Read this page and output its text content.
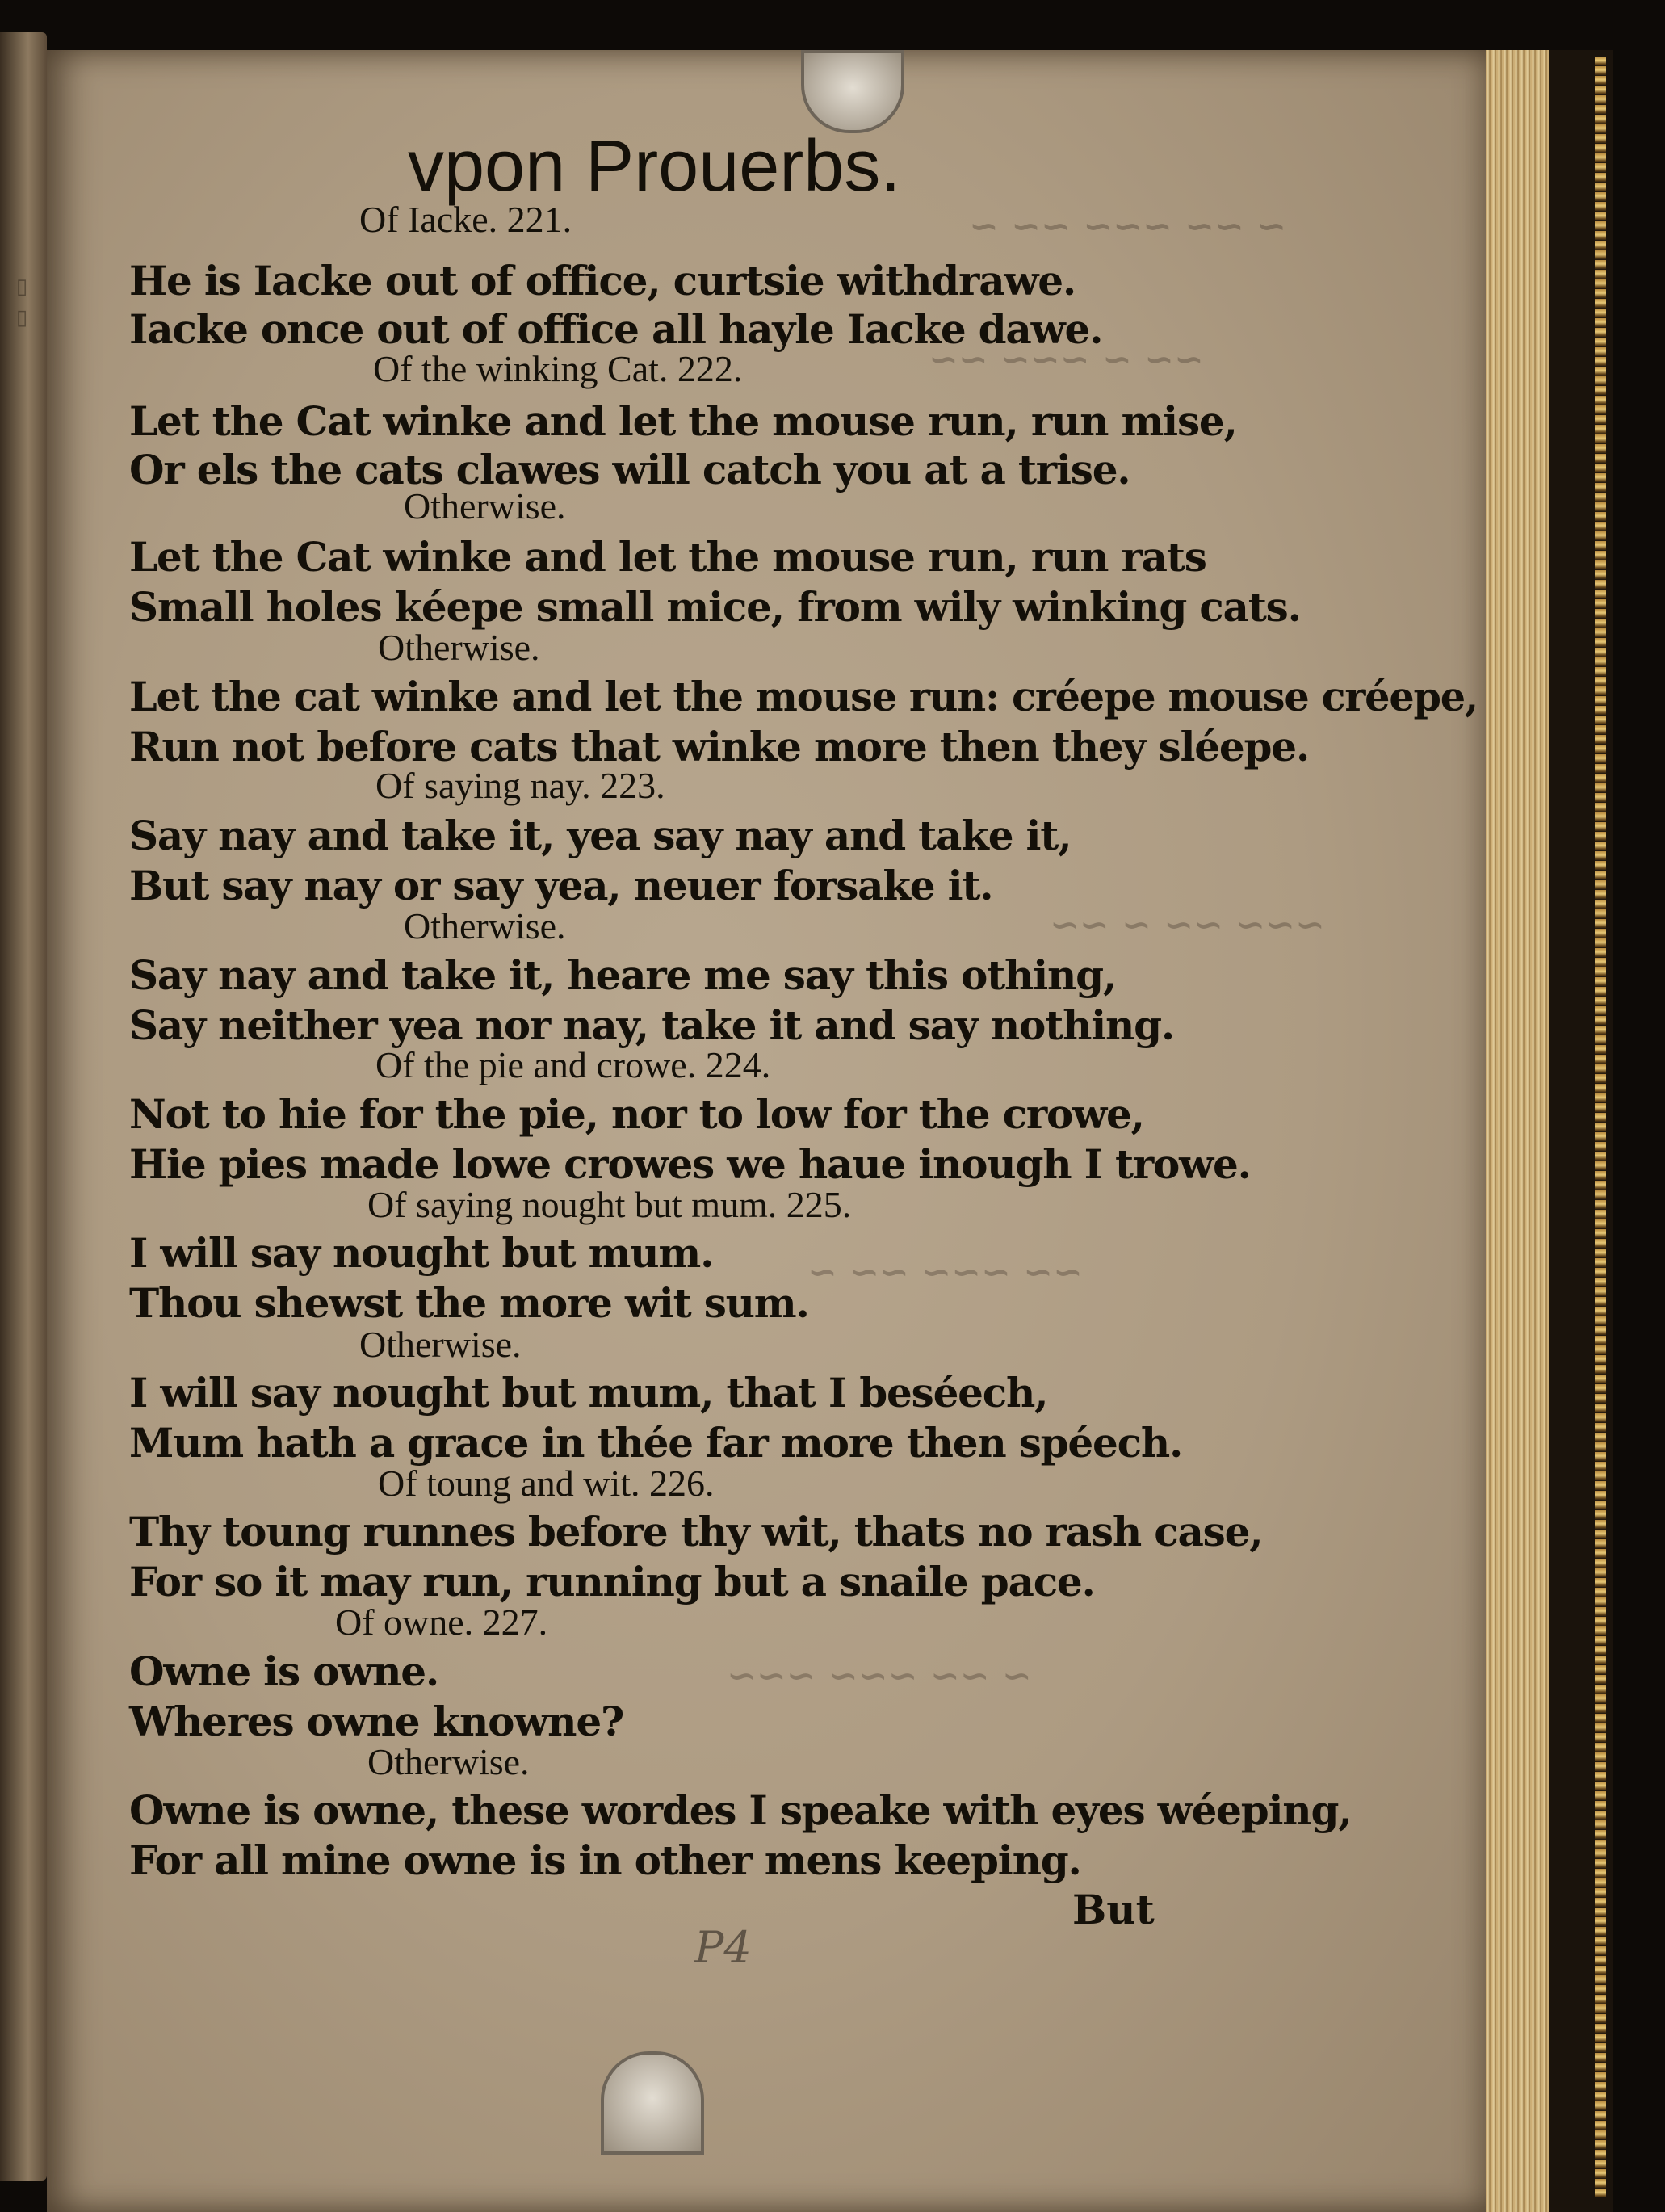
~ ~~ ~~~ ~~ ~
~~ ~ ~~~ ~~
~~~ ~~ ~ ~~
~~ ~~~ ~~ ~
~ ~~ ~~~ ~~~
▯ ▯
vpon Prouerbs.
Of Iacke. 221.
He is Iacke out of office, curtsie withdrawe.
Iacke once out of office all hayle Iacke dawe.
Of the winking Cat. 222.
Let the Cat winke and let the mouse run, run mise,
Or els the cats clawes will catch you at a trise.
Otherwise.
Let the Cat winke and let the mouse run, run rats
Small holes kéepe small mice, from wily winking cats.
Otherwise.
Let the cat winke and let the mouse run: créepe mouse créepe,
Run not before cats that winke more then they sléepe.
Of saying nay. 223.
Say nay and take it, yea say nay and take it,
But say nay or say yea, neuer forsake it.
Otherwise.
Say nay and take it, heare me say this othing,
Say neither yea nor nay, take it and say nothing.
Of the pie and crowe. 224.
Not to hie for the pie, nor to low for the crowe,
Hie pies made lowe crowes we haue inough I trowe.
Of saying nought but mum. 225.
I will say nought but mum.
Thou shewst the more wit sum.
Otherwise.
I will say nought but mum, that I beséech,
Mum hath a grace in thée far more then spéech.
Of toung and wit. 226.
Thy toung runnes before thy wit, thats no rash case,
For so it may run, running but a snaile pace.
Of owne. 227.
Owne is owne.
Wheres owne knowne?
Otherwise.
Owne is owne, these wordes I speake with eyes wéeping,
For all mine owne is in other mens keeping.
But
P4
